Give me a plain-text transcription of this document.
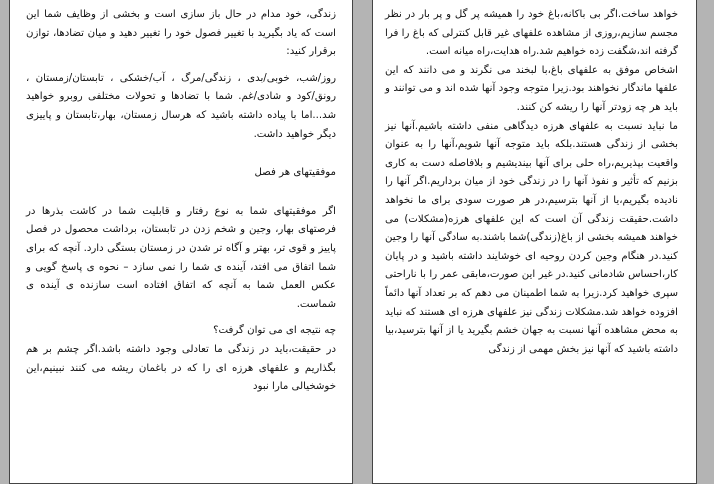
زندگی، خود مدام در حال باز سازی است و بخشی از وظایف شما این است که یاد بگیرید با تغییر فصول خود را تغییر دهید و میان تضادها، توازن برقرار کنید:

روز/شب، خوبی/بدی ، زندگی/مرگ ، آب/خشکی ، تابستان/زمستان ، رونق/کود و شادی/غم. شما با تضادها و تحولات مختلفی روبرو خواهید شد...اما با پیاده داشته باشید که هرسال زمستان، بهار،تابستان و پاییزی دیگر خواهید داشت.

موفقیتهای هر فصل

اگر موفقیتهای شما به نوع رفتار و قابلیت شما در کاشت بذرها در فرصتهای بهار، وجین و شخم زدن در تابستان، برداشت محصول در فصل پاییز و قوی تر، بهتر و آگاه تر شدن در زمستان بستگی دارد. آنچه که برای شما اتفاق می افتد، آینده ی شما را نمی سازد – نحوه ی پاسخ گویی و عکس العمل شما به آنچه که اتفاق افتاده است سازنده ی آینده ی شماست.

چه نتیجه ای می توان گرفت؟

در حقیقت،باید در زندگی ما تعادلی وجود داشته باشد.اگر چشم بر هم بگذاریم و علفهای هرزه ای را که در باغمان ریشه می کنند نبینیم،این خوشخیالی مارا نبود

خواهد ساخت.اگر بی باکانه،باغ خود را همیشه پر گل و پر بار در نظر مجسم سازیم،روزی از مشاهده علفهای غیر قابل کنترلی که باغ را فرا گرفته اند،شگفت زده خواهیم شد.راه هدایت،راه میانه است.

اشخاص موفق به علفهای باغ،با لبخند می نگرند و می دانند که این علفها ماندگار نخواهند بود.زیرا متوجه وجود آنها شده اند و می توانند و باید هر چه زودتر آنها را ریشه کن کنند.

ما نباید نسبت به علفهای هرزه دیدگاهی منفی داشته باشیم.آنها نیز بخشی از زندگی هستند.بلکه باید متوجه آنها شویم،آنها را به عنوان واقعیت بپذیریم،راه حلی برای آنها بیندیشیم و بلافاصله دست به کاری بزنیم که تأثیر و نفوذ آنها را در زندگی خود از میان برداریم.اگر آنها را نادیده بگیریم،یا از آنها بترسیم،در هر صورت سودی برای ما نخواهد داشت.حقیقت زندگی آن است که این علفهای هرزه(مشکلات) می خواهند همیشه بخشی از باغ(زندگی)شما باشند.به سادگی آنها را وجین کنید.در هنگام وجین کردن روحیه ای خوشایند داشته باشید و در پایان کار،احساس شادمانی کنید.در غیر این صورت،مابقی عمر را با ناراحتی سپری خواهید کرد.زیرا به شما اطمینان می دهم که بر تعداد آنها دائماً افزوده خواهد شد.مشکلات زندگی نیز علفهای هرزه ای هستند که نباید به محض مشاهده آنها نسبت به جهان خشم بگیرید یا از آنها بترسید،بیا داشته باشید که آنها نیز بخش مهمی از زندگی
